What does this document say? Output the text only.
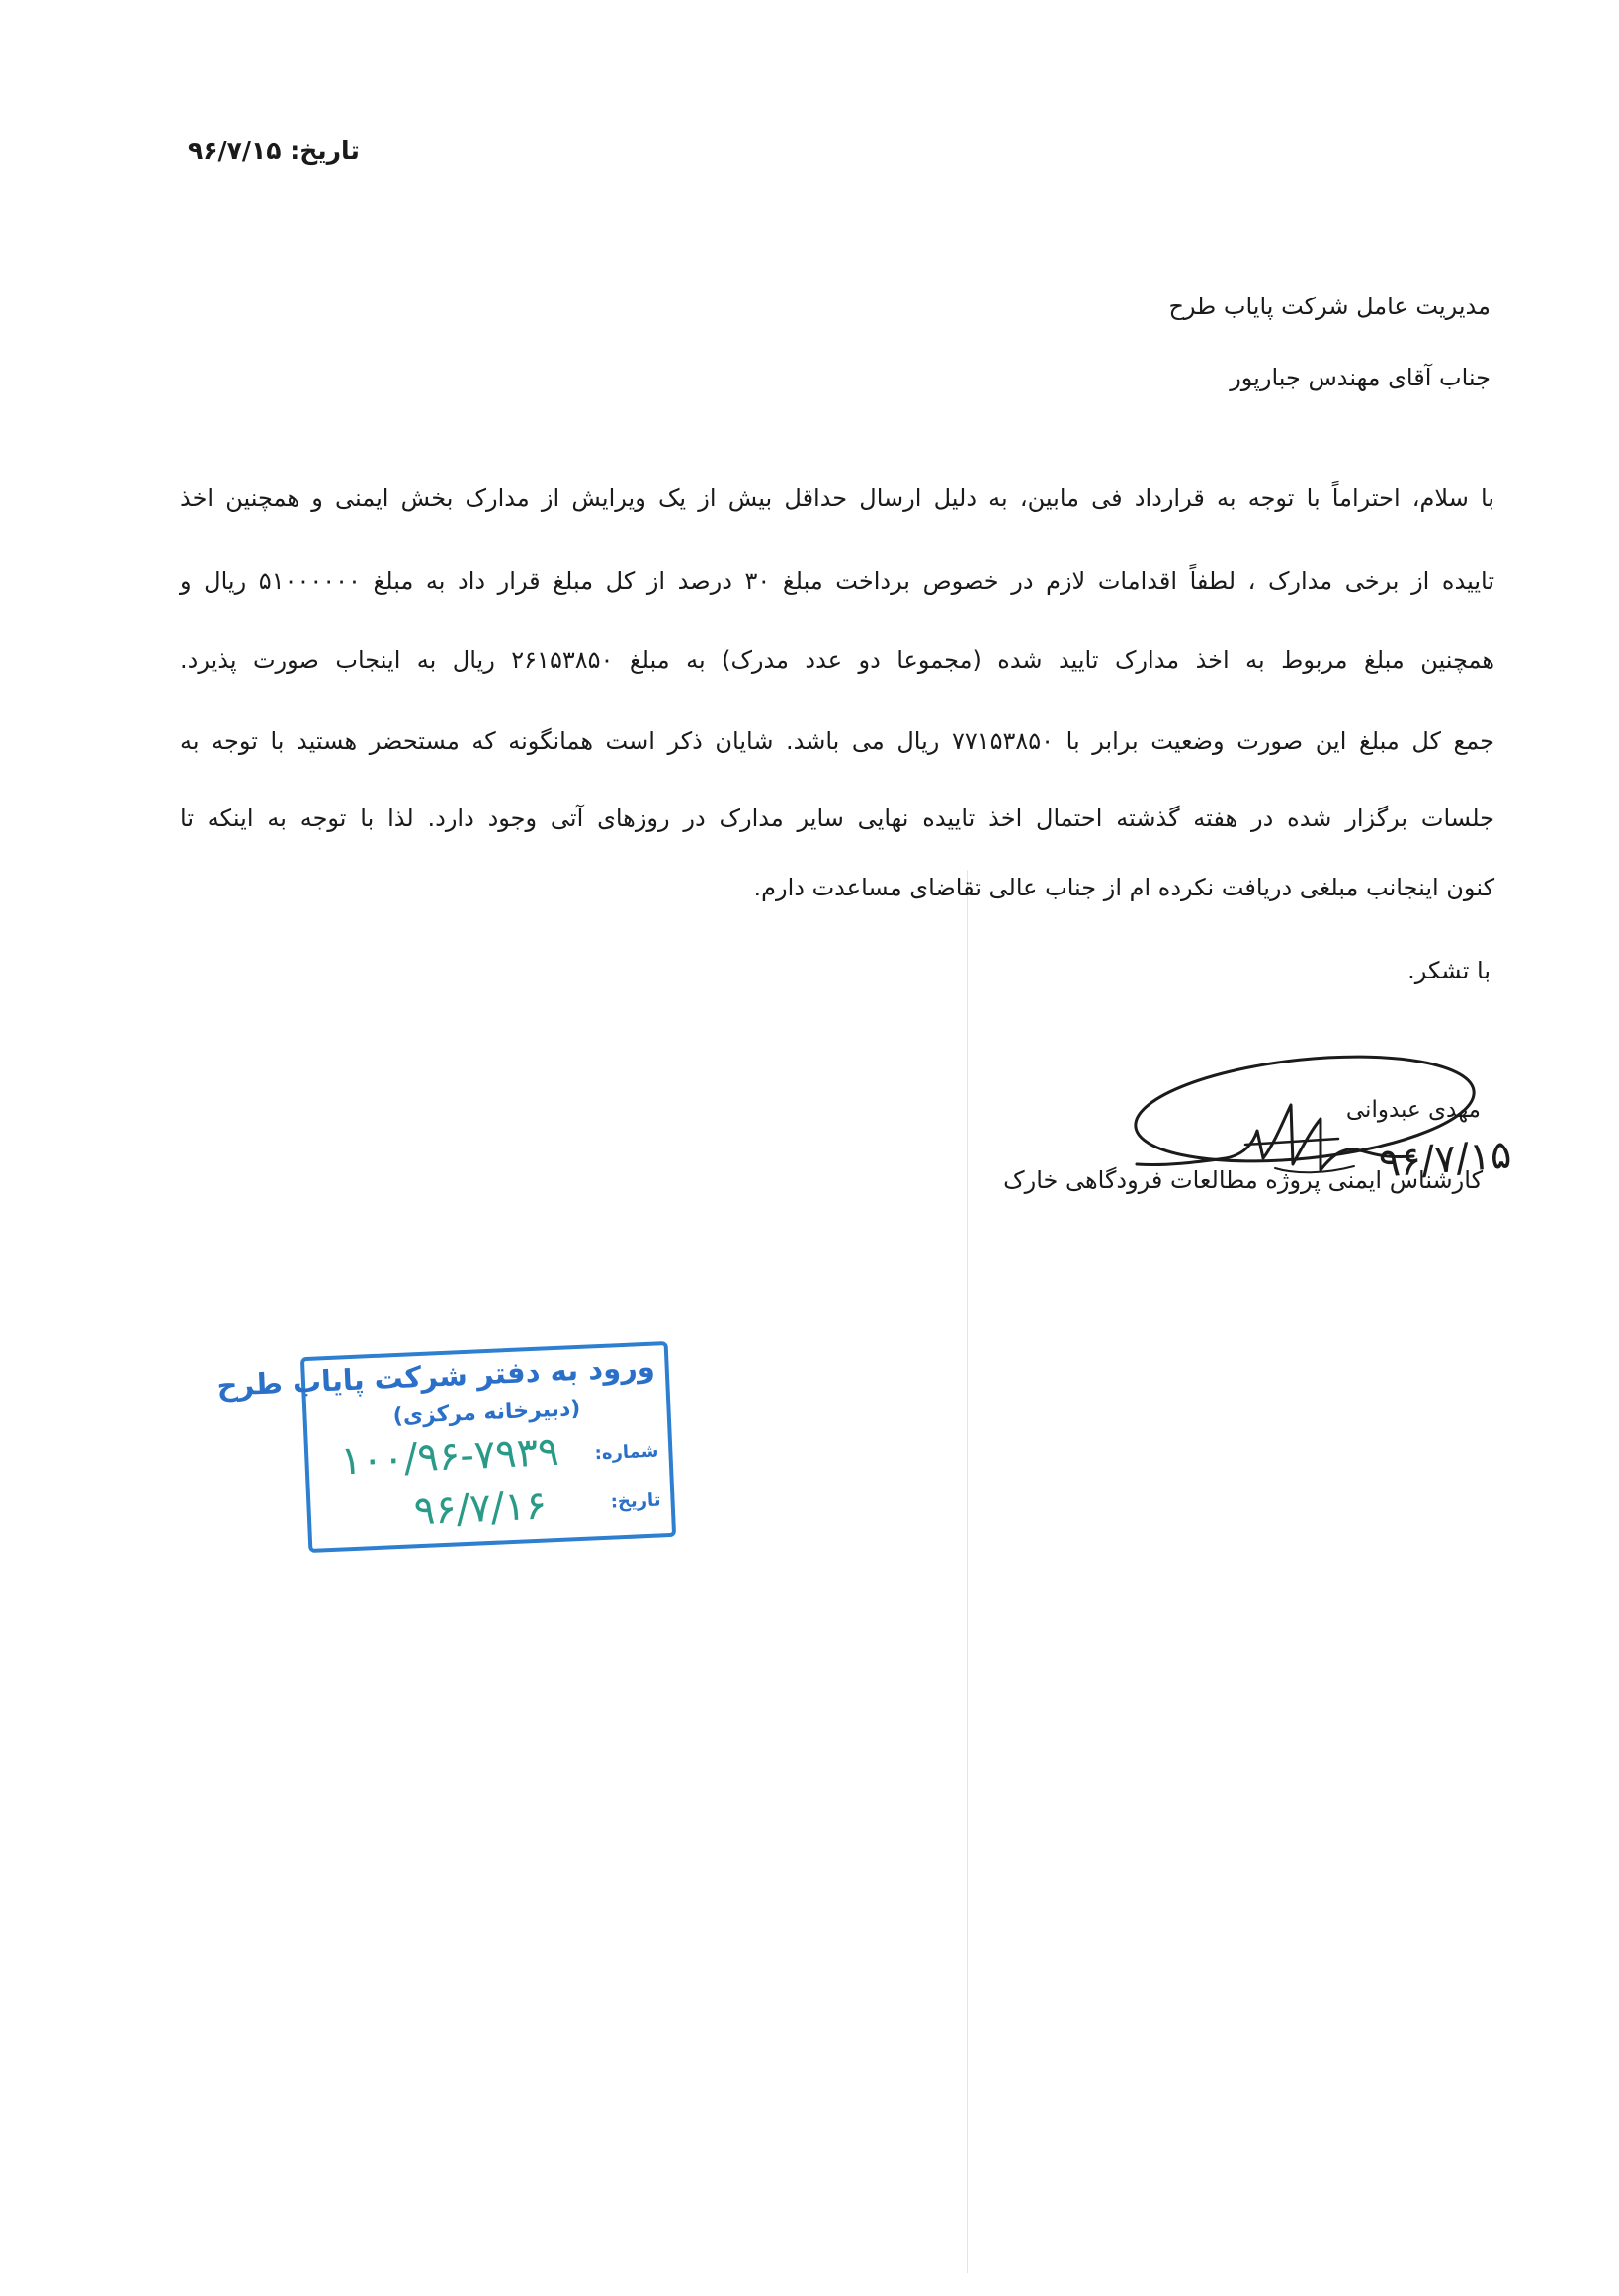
تاریخ: ۹۶/۷/۱۵
مدیریت عامل شرکت پایاب طرح
جناب آقای مهندس جبارپور
با سلام، احتراماً با توجه به قرارداد فی مابین، به دلیل ارسال حداقل بیش از یک ویرایش از مدارک بخش ایمنی و همچنین اخذ
تاییده از برخی مدارک ، لطفاً اقدامات لازم در خصوص برداخت مبلغ ۳۰ درصد از کل مبلغ قرار داد به مبلغ ۵۱۰۰۰۰۰۰ ریال و
همچنین مبلغ مربوط به اخذ مدارک تایید شده (مجموعا دو عدد مدرک) به مبلغ ۲۶۱۵۳۸۵۰ ریال به اینجاب صورت پذیرد.
جمع کل مبلغ این صورت وضعیت برابر با ۷۷۱۵۳۸۵۰ ریال می باشد. شایان ذکر است همانگونه که مستحضر هستید با توجه به
جلسات برگزار شده در هفته گذشته احتمال اخذ تاییده نهایی سایر مدارک در روزهای آتی وجود دارد. لذا با توجه به اینکه تا
کنون اینجانب مبلغی دریافت نکرده ام از جناب عالی تقاضای مساعدت دارم.
با تشکر.
مهدی عبدوانی
۹۶/۷/۱۵
کارشناس ایمنی پروژه مطالعات فرودگاهی خارک
ورود به دفتر شرکت پایاب طرح
(دبیرخانه مرکزی)
شماره:
۱۰۰/۹۶-۷۹۳۹
تاریخ:
۹۶/۷/۱۶
